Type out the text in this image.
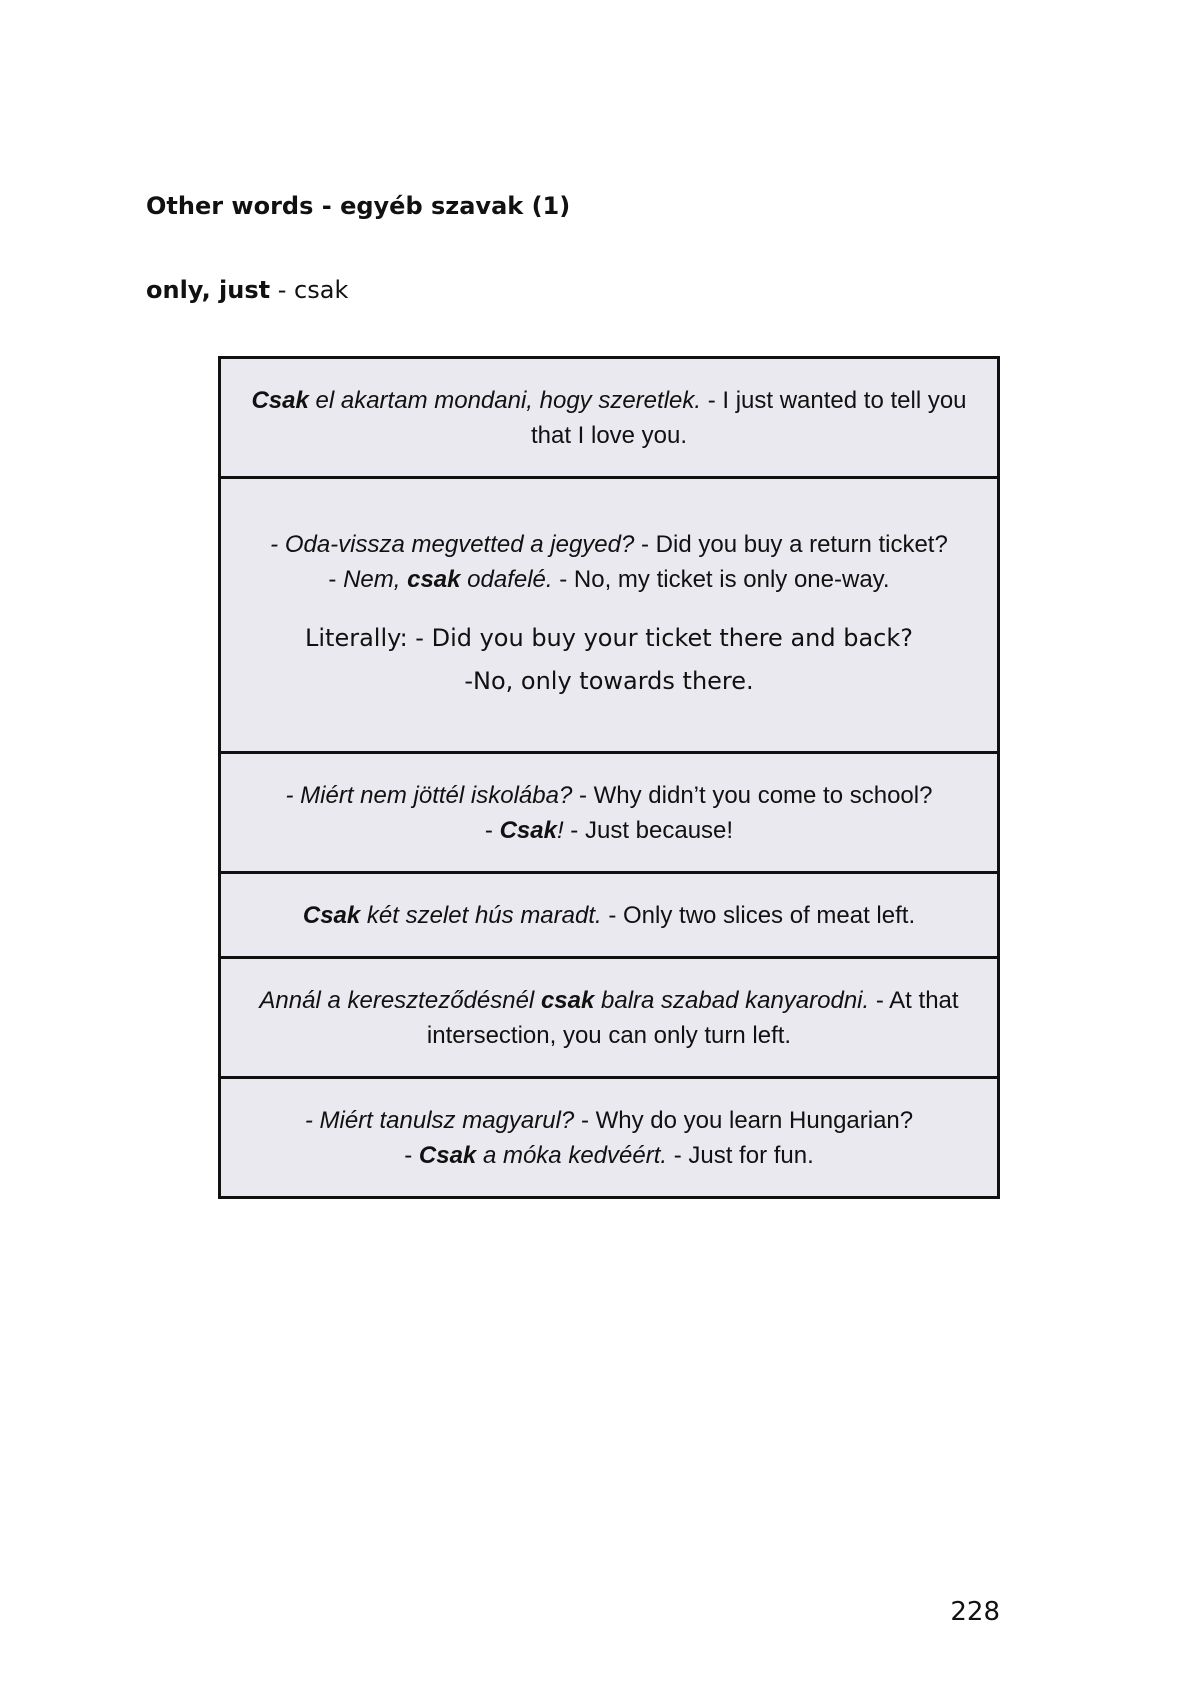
Other words - egyéb szavak (1)

only, just - csak

Csak el akartam mondani, hogy szeretlek. - I just wanted to tell you that I love you.
- Oda-vissza megvetted a jegyed? - Did you buy a return ticket?
- Nem, csak odafelé. - No, my ticket is only one-way.
Literally: - Did you buy your ticket there and back?
-No, only towards there.
- Miért nem jöttél iskolába? - Why didn’t you come to school?
- Csak! - Just because!
Csak két szelet hús maradt. - Only two slices of meat left.
Annál a kereszteződésnél csak balra szabad kanyarodni. - At that intersection, you can only turn left.
- Miért tanulsz magyarul? - Why do you learn Hungarian?
- Csak a móka kedvéért. - Just for fun.

228
